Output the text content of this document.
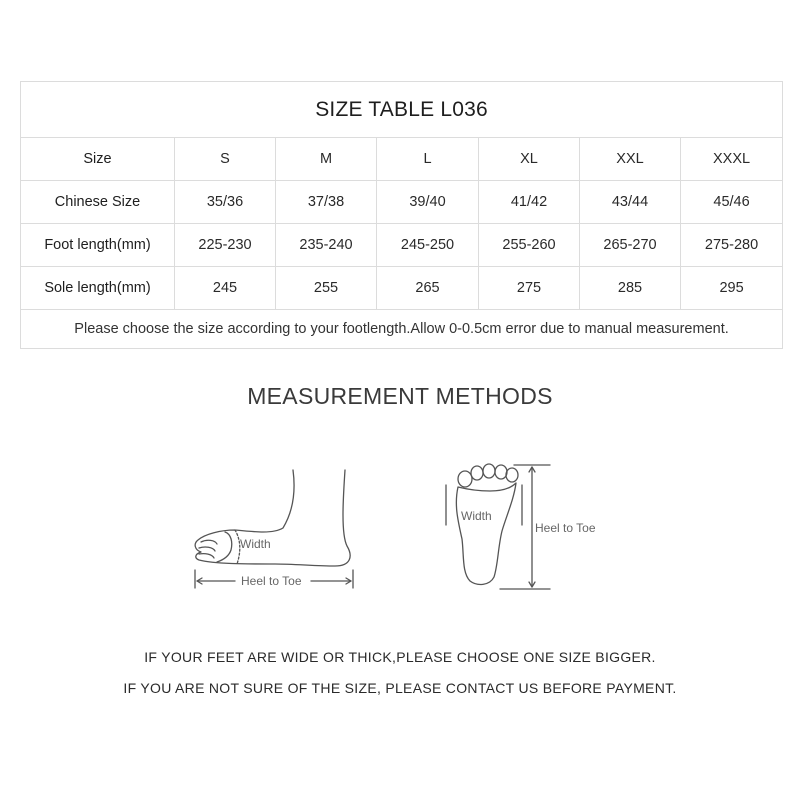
SIZE TABLE L036						
Size	S	M	L	XL	XXL	XXXL
Chinese Size	35/36	37/38	39/40	41/42	43/44	45/46
Foot length(mm)	225-230	235-240	245-250	255-260	265-270	275-280
Sole length(mm)	245	255	265	275	285	295
Please choose the size according to your footlength.Allow 0-0.5cm error due to manual measurement.						
MEASUREMENT METHODS
Width
Heel to Toe
Width
Heel to Toe
IF YOUR FEET ARE WIDE OR THICK,PLEASE CHOOSE ONE SIZE BIGGER.
IF YOU ARE NOT SURE OF THE SIZE, PLEASE CONTACT US BEFORE PAYMENT.
